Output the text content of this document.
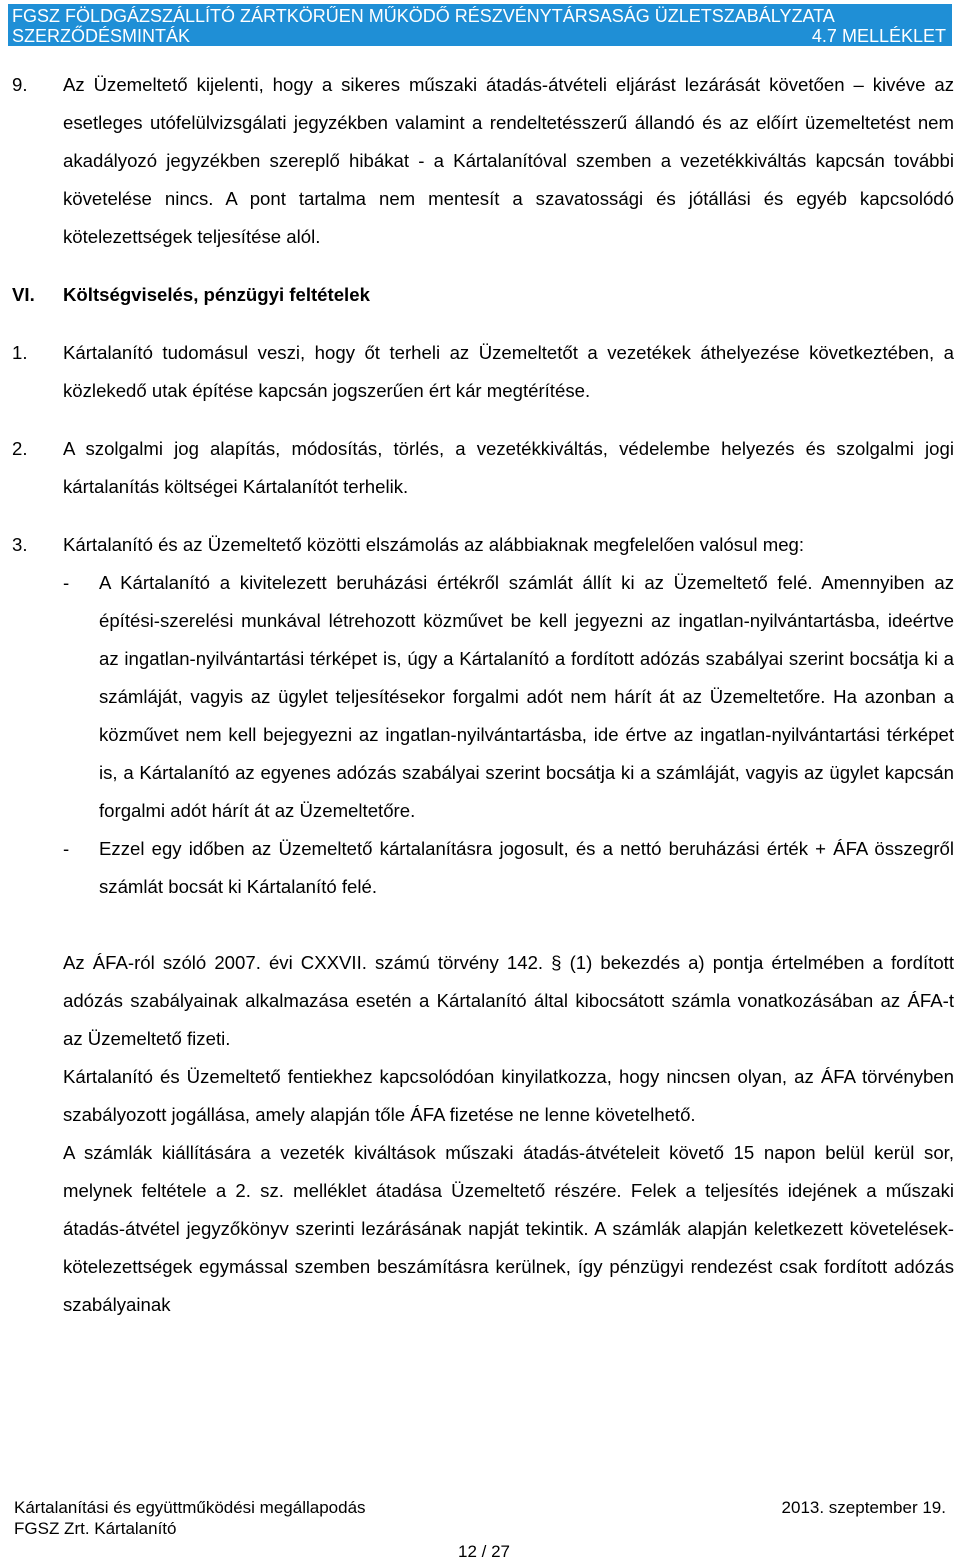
FGSZ FÖLDGÁZSZÁLLÍTÓ ZÁRTKÖRŰEN MŰKÖDŐ RÉSZVÉNYTÁRSASÁG ÜZLETSZABÁLYZATA
SZERZŐDÉSMINTÁK	4.7 MELLÉKLET
9.	Az Üzemeltető kijelenti, hogy a sikeres műszaki átadás-átvételi eljárást lezárását követően – kivéve az esetleges utófelülvizsgálati jegyzékben valamint a rendeltetésszerű állandó és az előírt üzemeltetést nem akadályozó jegyzékben szereplő hibákat - a Kártalanítóval szemben a vezetékkiváltás kapcsán további követelése nincs. A pont tartalma nem mentesít a szavatossági és jótállási és egyéb kapcsolódó kötelezettségek teljesítése alól.
VI.	Költségviselés, pénzügyi feltételek
1.	Kártalanító tudomásul veszi, hogy őt terheli az Üzemeltetőt a vezetékek áthelyezése következtében, a közlekedő utak építése kapcsán jogszerűen ért kár megtérítése.
2.	A szolgalmi jog alapítás, módosítás, törlés, a vezetékkiváltás, védelembe helyezés és szolgalmi jogi kártalanítás költségei Kártalanítót terhelik.
3.	Kártalanító és az Üzemeltető közötti elszámolás az alábbiaknak megfelelően valósul meg:
-	A Kártalanító a kivitelezett beruházási értékről számlát állít ki az Üzemeltető felé. Amennyiben az építési-szerelési munkával létrehozott közművet be kell jegyezni az ingatlan-nyilvántartásba, ideértve az ingatlan-nyilvántartási térképet is, úgy a Kártalanító a fordított adózás szabályai szerint bocsátja ki a számláját, vagyis az ügylet teljesítésekor forgalmi adót nem hárít át az Üzemeltetőre. Ha azonban a közművet nem kell bejegyezni az ingatlan-nyilvántartásba, ide értve az ingatlan-nyilvántartási térképet is, a Kártalanító az egyenes adózás szabályai szerint bocsátja ki a számláját, vagyis az ügylet kapcsán forgalmi adót hárít át az Üzemeltetőre.
-	Ezzel egy időben az Üzemeltető kártalanításra jogosult, és a nettó beruházási érték + ÁFA összegről számlát bocsát ki Kártalanító felé.
Az ÁFA-ról szóló 2007. évi CXXVII. számú törvény 142. § (1) bekezdés a) pontja értelmében a fordított adózás szabályainak alkalmazása esetén a Kártalanító által kibocsátott számla vonatkozásában az ÁFA-t az Üzemeltető fizeti.
Kártalanító és Üzemeltető fentiekhez kapcsolódóan kinyilatkozza, hogy nincsen olyan, az ÁFA törvényben szabályozott jogállása, amely alapján tőle ÁFA fizetése ne lenne követelhető.
A számlák kiállítására a vezeték kiváltások műszaki átadás-átvételeit követő 15 napon belül kerül sor, melynek feltétele a 2. sz. melléklet átadása Üzemeltető részére. Felek a teljesítés idejének a műszaki átadás-átvétel jegyzőkönyv szerinti lezárásának napját tekintik. A számlák alapján keletkezett követelések-kötelezettségek egymással szemben beszámításra kerülnek, így pénzügyi rendezést csak fordított adózás szabályainak
Kártalanítási és együttműködési megállapodás	2013. szeptember 19.
FGSZ Zrt. Kártalanító
12 / 27
